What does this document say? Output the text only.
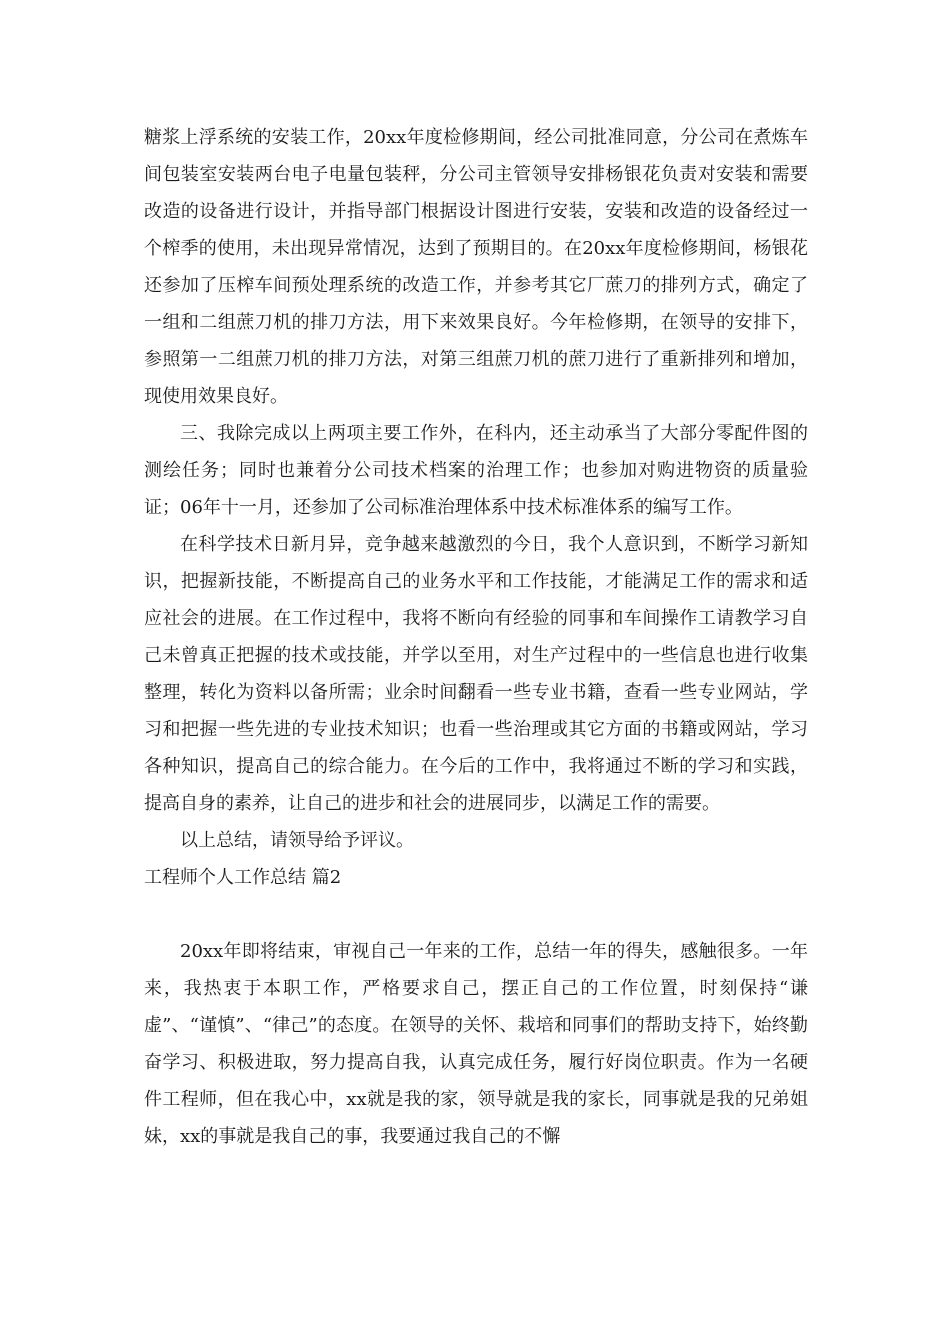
糖浆上浮系统的安装工作，20xx年度检修期间，经公司批准同意，分公司在煮炼车间包装室安装两台电子电量包装秤，分公司主管领导安排杨银花负责对安装和需要改造的设备进行设计，并指导部门根据设计图进行安装，安装和改造的设备经过一个榨季的使用，未出现异常情况，达到了预期目的。在20xx年度检修期间，杨银花还参加了压榨车间预处理系统的改造工作，并参考其它厂蔗刀的排列方式，确定了一组和二组蔗刀机的排刀方法，用下来效果良好。今年检修期，在领导的安排下，参照第一二组蔗刀机的排刀方法，对第三组蔗刀机的蔗刀进行了重新排列和增加，现使用效果良好。

三、我除完成以上两项主要工作外，在科内，还主动承当了大部分零配件图的测绘任务；同时也兼着分公司技术档案的治理工作；也参加对购进物资的质量验证；06年十一月，还参加了公司标准治理体系中技术标准体系的编写工作。

在科学技术日新月异，竞争越来越激烈的今日，我个人意识到，不断学习新知识，把握新技能，不断提高自己的业务水平和工作技能，才能满足工作的需求和适应社会的进展。在工作过程中，我将不断向有经验的同事和车间操作工请教学习自己未曾真正把握的技术或技能，并学以至用，对生产过程中的一些信息也进行收集整理，转化为资料以备所需；业余时间翻看一些专业书籍，查看一些专业网站，学习和把握一些先进的专业技术知识；也看一些治理或其它方面的书籍或网站，学习各种知识，提高自己的综合能力。在今后的工作中，我将通过不断的学习和实践，提高自身的素养，让自己的进步和社会的进展同步，以满足工作的需要。

以上总结，请领导给予评议。

工程师个人工作总结 篇2

20xx年即将结束，审视自己一年来的工作，总结一年的得失，感触很多。一年来，我热衷于本职工作，严格要求自己，摆正自己的工作位置，时刻保持“谦虚”、“谨慎”、“律己”的态度。在领导的关怀、栽培和同事们的帮助支持下，始终勤奋学习、积极进取，努力提高自我，认真完成任务，履行好岗位职责。作为一名硬件工程师，但在我心中，xx就是我的家，领导就是我的家长，同事就是我的兄弟姐妹，xx的事就是我自己的事，我要通过我自己的不懈
